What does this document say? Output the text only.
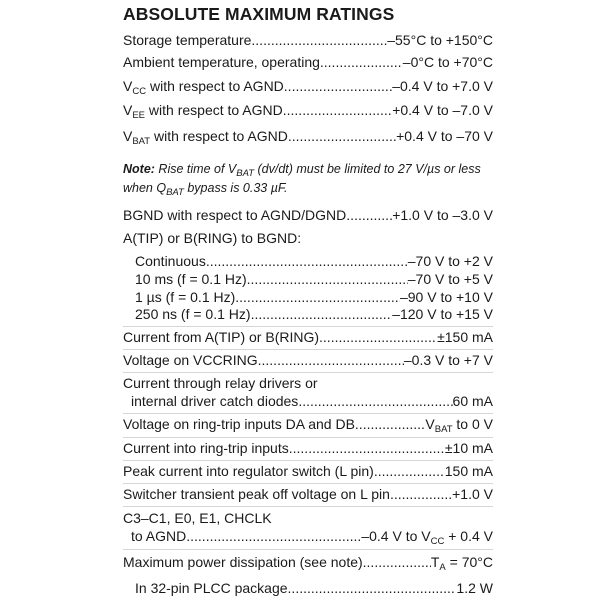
ABSOLUTE MAXIMUM RATINGS
Storage temperature .....	–55°C to +150°C
Ambient temperature, operating .....	–0°C to +70°C
$V_{CC}$ with respect to AGND .....	–0.4 V to +7.0 V
$V_{EE}$ with respect to AGND .....	+0.4 V to –7.0 V
$V_{BAT}$ with respect to AGND .....	+0.4 V to –70 V
Note: Rise time of $V_{BAT}$ (dv/dt) must be limited to 27 V/µs or less when $Q_{BAT}$ bypass is 0.33 µF.
BGND with respect to AGND/DGND.. .....	+1.0 V to –3.0 V
A(TIP) or B(RING) to BGND:
Continuous .....	–70 V to +2 V
10 ms (f = 0.1 Hz) .....	–70 V to +5 V
1 µs (f = 0.1 Hz) .....	–90 V to +10 V
250 ns (f = 0.1 Hz) .....	–120 V to +15 V
Current from A(TIP) or B(RING) .....	±150 mA
Voltage on VCCRING .....	–0.3 V to +7 V
Current through relay drivers or
internal driver catch diodes .....	60 mA
Voltage on ring-trip inputs DA and DB .....	$V_{BAT}$ to 0 V
Current into ring-trip inputs .....	±10 mA
Peak current into regulator switch (L pin) .....	150 mA
Switcher transient peak off voltage on L pin .....	+1.0 V
C3–C1, E0, E1, CHCLK
to AGND .....	–0.4 V to $V_{CC} + 0.4$ V
Maximum power dissipation (see note) .....	$T_A = 70^\circ C$
In 32-pin PLCC package .....	1.2 W
